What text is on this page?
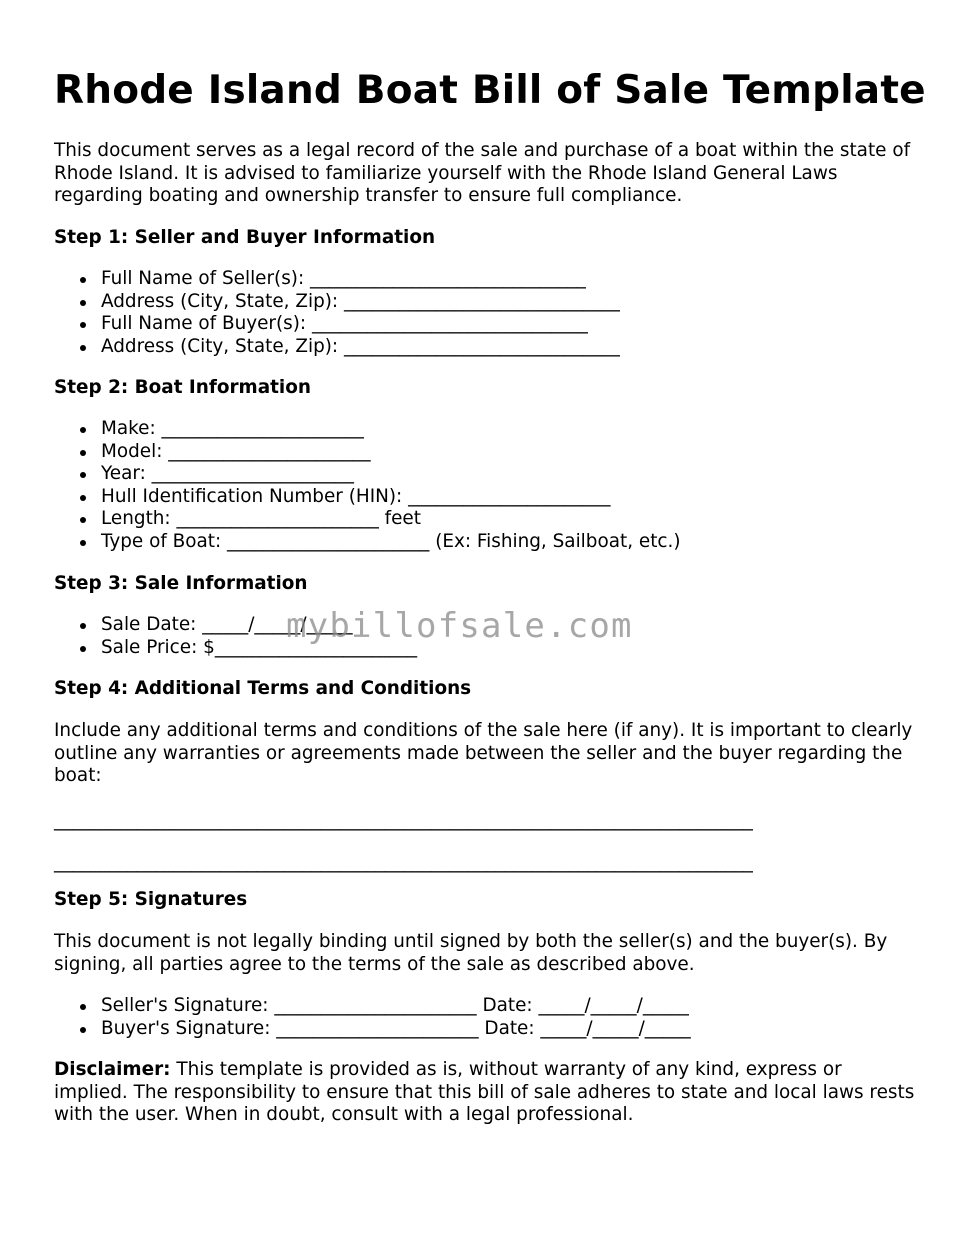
Rhode Island Boat Bill of Sale Template

This document serves as a legal record of the sale and purchase of a boat within the state of Rhode Island. It is advised to familiarize yourself with the Rhode Island General Laws regarding boating and ownership transfer to ensure full compliance.

Step 1: Seller and Buyer Information

Full Name of Seller(s): ______________________________
Address (City, State, Zip): ______________________________
Full Name of Buyer(s): ______________________________
Address (City, State, Zip): ______________________________

Step 2: Boat Information

Make: ______________________
Model: ______________________
Year: ______________________
Hull Identification Number (HIN): ______________________
Length: ______________________ feet
Type of Boat: ______________________ (Ex: Fishing, Sailboat, etc.)

Step 3: Sale Information

Sale Date: _____/_____/_____
Sale Price: $______________________

Step 4: Additional Terms and Conditions

Include any additional terms and conditions of the sale here (if any). It is important to clearly outline any warranties or agreements made between the seller and the buyer regarding the boat:

____________________________________________________________________________

____________________________________________________________________________

Step 5: Signatures

This document is not legally binding until signed by both the seller(s) and the buyer(s). By signing, all parties agree to the terms of the sale as described above.

Seller's Signature: ______________________ Date: _____/_____/_____
Buyer's Signature: ______________________ Date: _____/_____/_____

Disclaimer: This template is provided as is, without warranty of any kind, express or implied. The responsibility to ensure that this bill of sale adheres to state and local laws rests with the user. When in doubt, consult with a legal professional.

mybillofsale.com
